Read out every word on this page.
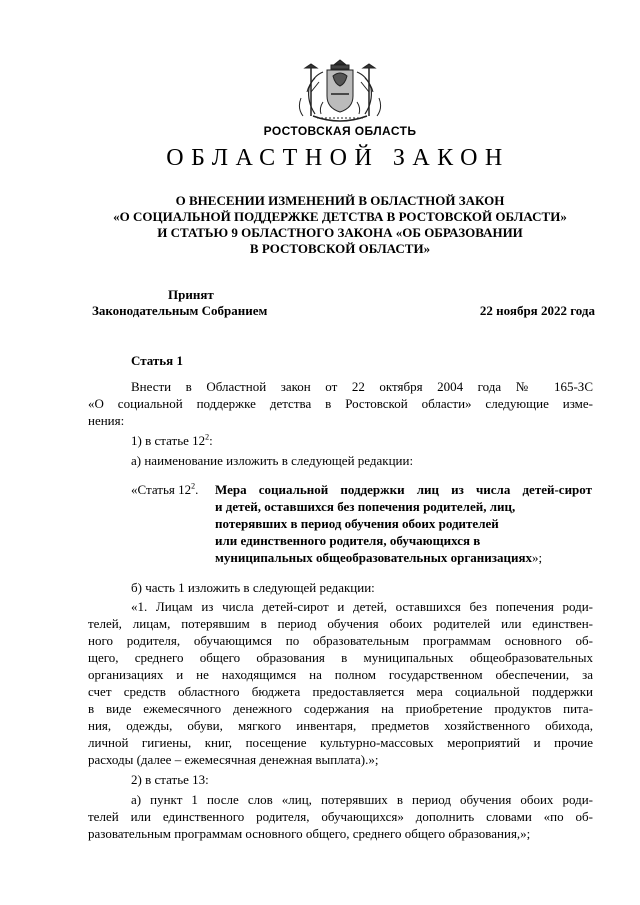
РОСТОВСКАЯ ОБЛАСТЬ
ОБЛАСТНОЙ ЗАКОН
О ВНЕСЕНИИ ИЗМЕНЕНИЙ В ОБЛАСТНОЙ ЗАКОН
«О СОЦИАЛЬНОЙ ПОДДЕРЖКЕ ДЕТСТВА В РОСТОВСКОЙ ОБЛАСТИ»
И СТАТЬЮ 9 ОБЛАСТНОГО ЗАКОНА «ОБ ОБРАЗОВАНИИ
В РОСТОВСКОЙ ОБЛАСТИ»
Принят
Законодательным Собранием	22 ноября 2022 года
Статья 1
Внести в Областной закон от 22 октября 2004 года № 165-ЗС
«О социальной поддержке детства в Ростовской области» следующие изме-
нения:
1) в статье $12^2$:
а) наименование изложить в следующей редакции:
«Статья $12^2$. Мера социальной поддержки лиц из числа детей-сирот
и детей, оставшихся без попечения родителей, лиц,
потерявших в период обучения обоих родителей
или единственного родителя, обучающихся в
муниципальных общеобразовательных организациях»;
б) часть 1 изложить в следующей редакции:
«1. Лицам из числа детей-сирот и детей, оставшихся без попечения роди-
телей, лицам, потерявшим в период обучения обоих родителей или единствен-
ного родителя, обучающимся по образовательным программам основного об-
щего, среднего общего образования в муниципальных общеобразовательных
организациях и не находящимся на полном государственном обеспечении, за
счет средств областного бюджета предоставляется мера социальной поддержки
в виде ежемесячного денежного содержания на приобретение продуктов пита-
ния, одежды, обуви, мягкого инвентаря, предметов хозяйственного обихода,
личной гигиены, книг, посещение культурно-массовых мероприятий и прочие
расходы (далее – ежемесячная денежная выплата).»;
2) в статье 13:
а) пункт 1 после слов «лиц, потерявших в период обучения обоих роди-
телей или единственного родителя, обучающихся» дополнить словами «по об-
разовательным программам основного общего, среднего общего образования,»;
